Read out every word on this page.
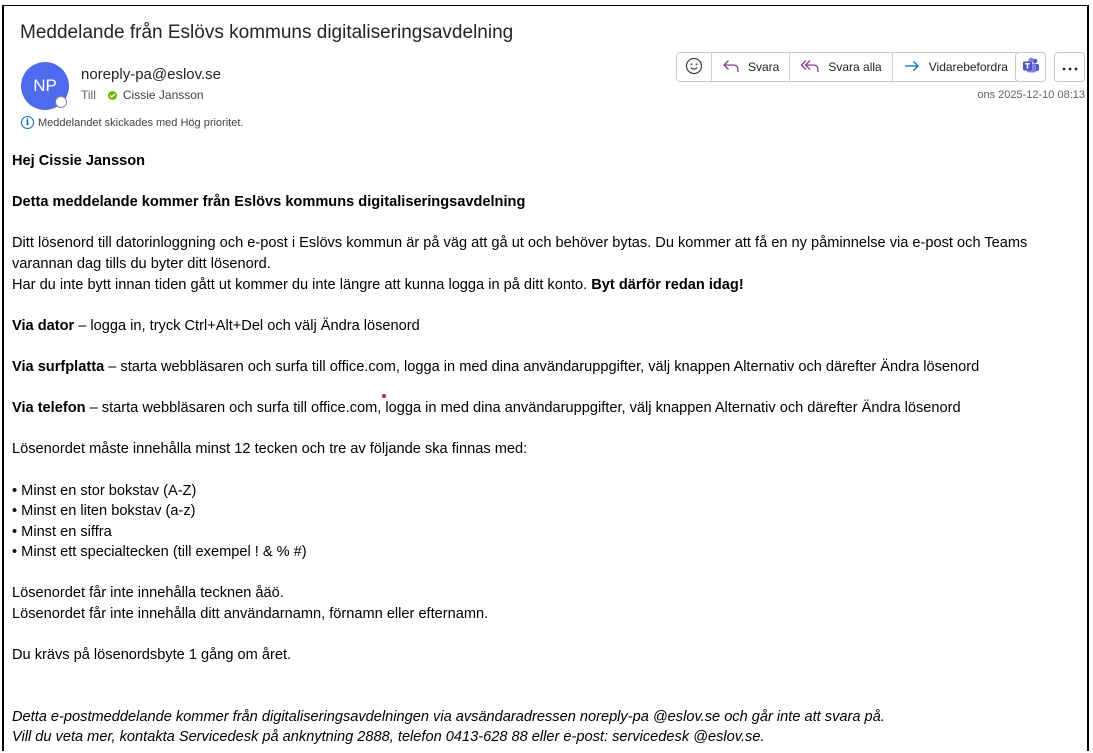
Meddelande från Eslövs kommuns digitaliseringsavdelning
NP
noreply-pa@eslov.se
Till Cissie Jansson
i Meddelandet skickades med Hög prioritet.
Svara	Svara alla	Vidarebefordra
ons 2025-12-10 08:13

Hej Cissie Jansson

Detta meddelande kommer från Eslövs kommuns digitaliseringsavdelning

Ditt lösenord till datorinloggning och e-post i Eslövs kommun är på väg att gå ut och behöver bytas. Du kommer att få en ny påminnelse via e-post och Teams varannan dag tills du byter ditt lösenord.

Har du inte bytt innan tiden gått ut kommer du inte längre att kunna logga in på ditt konto. Byt därför redan idag!

Via dator – logga in, tryck Ctrl+Alt+Del och välj Ändra lösenord

Via surfplatta – starta webbläsaren och surfa till office.com, logga in med dina användaruppgifter, välj knappen Alternativ och därefter Ändra lösenord

Via telefon – starta webbläsaren och surfa till office.com, logga in med dina användaruppgifter, välj knappen Alternativ och därefter Ändra lösenord

Lösenordet måste innehålla minst 12 tecken och tre av följande ska finnas med:

• Minst en stor bokstav (A-Z)

• Minst en liten bokstav (a-z)

• Minst en siffra

• Minst ett specialtecken (till exempel ! & % #)

Lösenordet får inte innehålla tecknen åäö.

Lösenordet får inte innehålla ditt användarnamn, förnamn eller efternamn.

Du krävs på lösenordsbyte 1 gång om året.

Detta e-postmeddelande kommer från digitaliseringsavdelningen via avsändaradressen noreply-pa @eslov.se och går inte att svara på.

Vill du veta mer, kontakta Servicedesk på anknytning 2888, telefon 0413-628 88 eller e-post: servicedesk @eslov.se.
